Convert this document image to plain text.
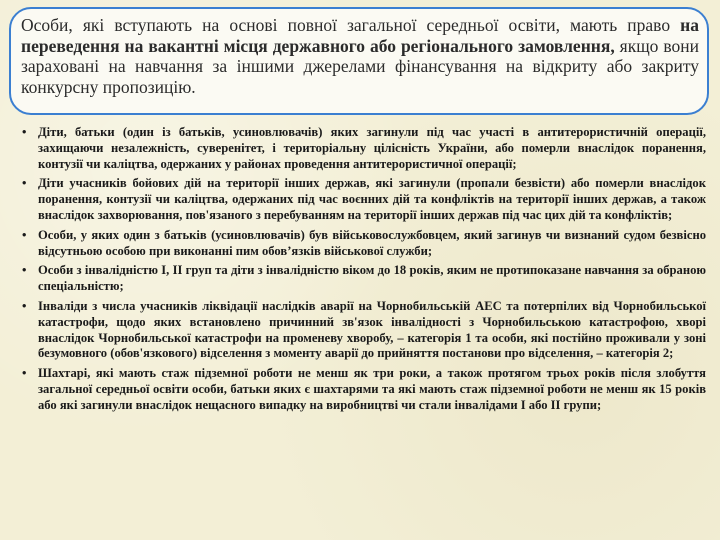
Особи, які вступають на основі повної загальної середньої освіти, мають право на переведення на вакантні місця державного або регіонального замовлення, якщо вони зараховані на навчання за іншими джерелами фінансування на відкриту або закриту конкурсну пропозицію.
• Діти, батьки (один із батьків, усиновлювачів) яких загинули під час участі в антитерористичній операції, захищаючи незалежність, суверенітет, і територіальну цілісність України, або померли внаслідок поранення, контузії чи каліцтва, одержаних у районах проведення антитерористичної операції;
• Діти учасників бойових дій на території інших держав, які загинули (пропали безвісти) або померли внаслідок поранення, контузії чи каліцтва, одержаних під час воєнних дій та конфліктів на території інших держав, а також внаслідок захворювання, пов'язаного з перебуванням на території інших держав під час цих дій та конфліктів;
• Особи, у яких один з батьків (усиновлювачів) був військовослужбовцем, який загинув чи визнаний судом безвісно відсутньою особою при виконанні пим обов’язків військової служби;
• Особи з інвалідністю І, ІІ груп та діти з інвалідністю віком до 18 років, яким не протипоказане навчання за обраною спеціальністю;
• Інваліди з числа учасників ліквідації наслідків аварії на Чорнобильській АЕС та потерпілих від Чорнобильської катастрофи, щодо яких встановлено причинний зв'язок інвалідності з Чорнобильською катастрофою, хворі внаслідок Чорнобильської катастрофи на променеву хворобу, – категорія 1 та особи, які постійно проживали у зоні безумовного (обов'язкового) відселення з моменту аварії до прийняття постанови про відселення, – категорія 2;
• Шахтарі, які мають стаж підземної роботи не менш як три роки, а також протягом трьох років після злобуття загальної середньої освіти особи, батьки яких є шахтарями та які мають стаж підземної роботи не менш як 15 років або які загинули внаслідок нещасного випадку на виробництві чи стали інвалідами І або ІІ групи;
